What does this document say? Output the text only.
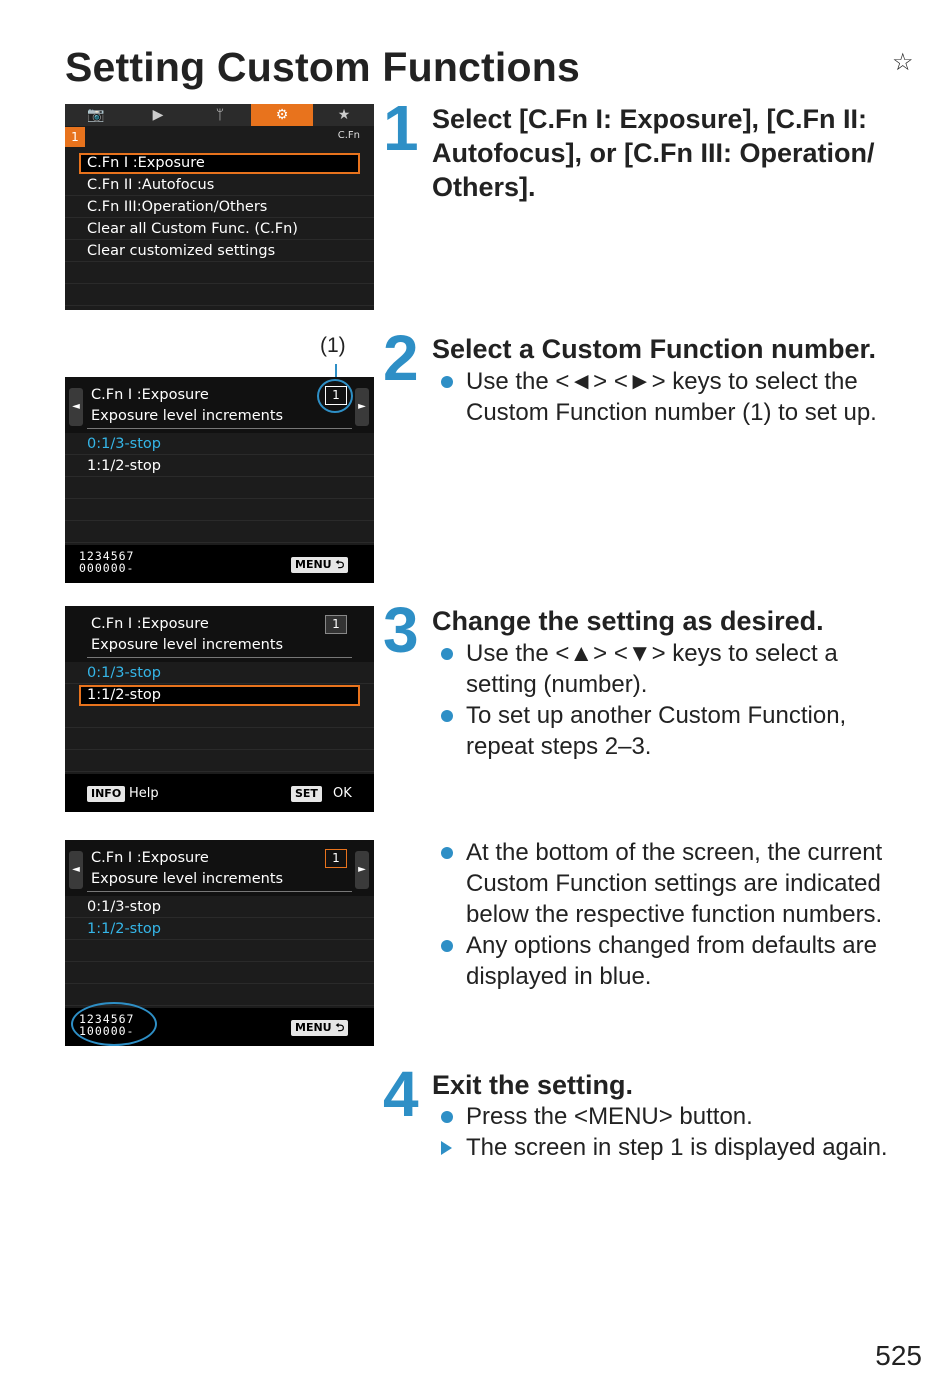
Setting Custom Functions	☆
📷	▶	ᛘ	⚙	★
1	C.Fn
C.Fn I :Exposure
C.Fn II :Autofocus
C.Fn III:Operation/Others
Clear all Custom Func. (C.Fn)
Clear customized settings
(1)
◄
C.Fn I :Exposure
Exposure level increments
1
►
0:1/3-stop
1:1/2-stop
1234567
000000-	MENU ⮌
C.Fn I :Exposure
Exposure level increments
1
0:1/3-stop
1:1/2-stop
INFO Help	SET	OK
◄
C.Fn I :Exposure
Exposure level increments
1
►
0:1/3-stop
1:1/2-stop
1234567
100000-	MENU ⮌
1 Select [C.Fn I: Exposure], [C.Fn II:
Autofocus], or [C.Fn III: Operation/
Others].
2 Select a Custom Function number.
Use the <◄> <►> keys to select the
Custom Function number (1) to set up.
3 Change the setting as desired.
Use the <▲> <▼> keys to select a
setting (number).
To set up another Custom Function,
repeat steps 2–3.
At the bottom of the screen, the current
Custom Function settings are indicated
below the respective function numbers.
Any options changed from defaults are
displayed in blue.
4 Exit the setting.
Press the <MENU> button.
The screen in step 1 is displayed again.
525
